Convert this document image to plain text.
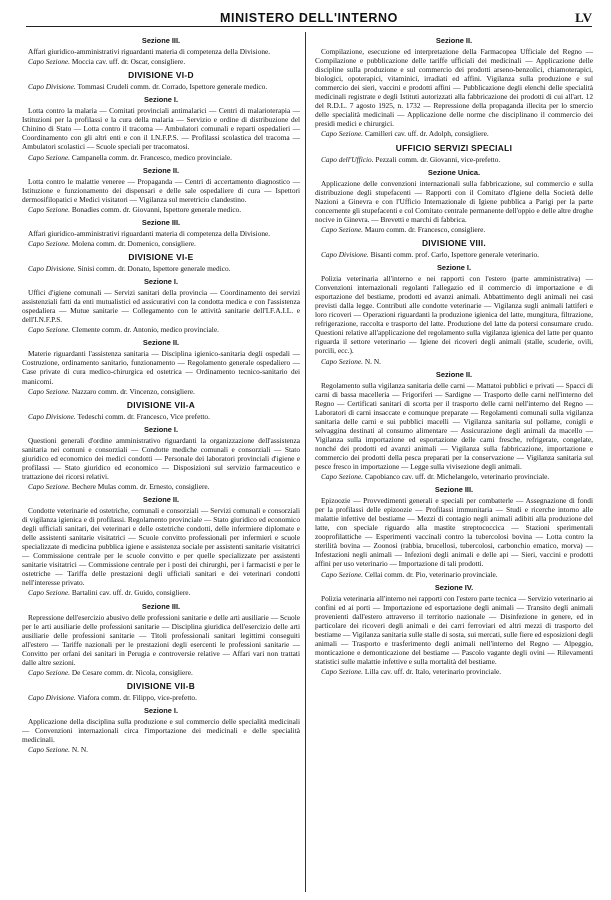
MINISTERO DELL'INTERNO	LV
Sezione III.
Affari giuridico-amministrativi riguardanti materia di competenza della Divisione.
Capo Sezione. Moccia cav. uff. dr. Oscar, consigliere.
DIVISIONE VI-D
Capo Divisione. Tommasi Crudeli comm. dr. Corrado, Ispettore generale medico.
Sezione I.
Lotta contro la malaria — Comitati provinciali antimalarici — Centri di malarioterapia — Istituzioni per la profilassi e la cura della malaria — Servizio e ordine di distribuzione del Chinino di Stato — Lotta contro il tracoma — Ambulatori comunali e reparti ospedalieri — Coordinamento con gli altri enti e con il I.N.F.P.S. — Profilassi scolastica del tracoma — Ambulatori scolastici — Scuole speciali per tracomatosi.
Capo Sezione. Campanella comm. dr. Francesco, medico provinciale.
Sezione II.
Lotta contro le malattie veneree — Propaganda — Centri di accertamento diagnostico — Istituzione e funzionamento dei dispensari e delle sale ospedaliere di cura — Ispettori dermosifilopatici e Medici visitatori — Vigilanza sul meretricio clandestino.
Capo Sezione. Bonadies comm. dr. Giovanni, Ispettore generale medico.
Sezione III.
Affari giuridico-amministrativi riguardanti materia di competenza della Divisione.
Capo Sezione. Molena comm. dr. Domenico, consigliere.
DIVISIONE VI-E
Capo Divisione. Sinisi comm. dr. Donato, Ispettore generale medico.
Sezione I.
Uffici d'igiene comunali — Servizi sanitari della provincia — Coordinamento dei servizi assistenziali fatti da enti mutualistici ed assicurativi con la condotta medica e con l'assistenza ospedaliera — Mutue sanitarie — Collegamento con le attività sanitarie dell'I.F.A.I.L. e dell'I.N.F.P.S.
Capo Sezione. Clemente comm. dr. Antonio, medico provinciale.
Sezione II.
Materie riguardanti l'assistenza sanitaria — Disciplina igienico-sanitaria degli ospedali — Costruzione, ordinamento sanitario, funzionamento — Regolamento generale ospedaliero — Case private di cura medico-chirurgica ed ostetrica — Ordinamento tecnico-sanitario dei manicomi.
Capo Sezione. Nazzaro comm. dr. Vincenzo, consigliere.
DIVISIONE VII-A
Capo Divisione. Tedeschi comm. dr. Francesco, Vice prefetto.
Sezione I.
Questioni generali d'ordine amministrativo riguardanti la organizzazione dell'assistenza sanitaria nei comuni e consorziali — Condotte mediche comunali e consorziali — Stato giuridico ed economico dei medici condotti — Personale dei laboratori provinciali d'igiene e profilassi — Stato giuridico ed economico — Disposizioni sul servizio farmaceutico e trattazione dei ricorsi relativi.
Capo Sezione. Bechere Mulas comm. dr. Ernesto, consigliere.
Sezione II.
Condotte veterinarie ed ostetriche, comunali e consorziali — Servizi comunali e consorziali di vigilanza igienica e di profilassi. Regolamento provinciale — Stato giuridico ed economico degli ufficiali sanitari, dei veterinari e delle ostetriche condotti, delle infermiere diplomate e delle assistenti sanitarie visitatrici — Scuole convitto professionali per infermieri e scuole specializzate di medicina pubblica igiene e assistenza sociale per assistenti sanitarie visitatrici — Commissione centrale per le scuole convitto e per quelle specializzate per assistenti sanitarie visitatrici — Commissione centrale per i posti dei chirurghi, per i farmacisti e per le ostetriche — Tariffa delle prestazioni degli ufficiali sanitari e dei veterinari condotti nell'interesse privato.
Capo Sezione. Bartalini cav. uff. dr. Guido, consigliere.
Sezione III.
Repressione dell'esercizio abusivo delle professioni sanitarie e delle arti ausiliarie — Scuole per le arti ausiliarie delle professioni sanitarie — Disciplina giuridica dell'esercizio delle arti ausiliarie delle professioni sanitarie — Titoli professionali sanitari legittimi conseguiti all'estero — Tariffe nazionali per le prestazioni degli esercenti le professioni sanitarie — Convitto per orfani dei sanitari in Perugia e controversie relative — Affari vari non trattati dalle altre sezioni.
Capo Sezione. De Cesare comm. dr. Nicola, consigliere.
DIVISIONE VII-B
Capo Divisione. Viafora comm. dr. Filippo, vice-prefetto.
Sezione I.
Applicazione della disciplina sulla produzione e sul commercio delle specialità medicinali — Convenzioni internazionali circa l'importazione dei medicinali e delle specialità medicinali.
Capo Sezione. N. N.
Sezione II.
Compilazione, esecuzione ed interpretazione della Farmacopea Ufficiale del Regno — Compilazione e pubblicazione delle tariffe ufficiali dei medicinali — Applicazione delle discipline sulla produzione e sul commercio dei prodotti arseno-benzolici, chiamoterapici, biologici, opoterapici, vitaminici, irradiati ed affini. Vigilanza sulla produzione e sul commercio dei sieri, vaccini e prodotti affini — Pubblicazione degli elenchi delle specialità medicinali registrate e degli Istituti autorizzati alla fabbricazione dei prodotti di cui all'art. 12 del R.D.L. 7 agosto 1925, n. 1732 — Repressione della propaganda illecita per lo smercio delle specialità medicinali — Applicazione delle norme che disciplinano il commercio dei presidi medici e chirurgici.
Capo Sezione. Camilleri cav. uff. dr. Adolph, consigliere.
UFFICIO SERVIZI SPECIALI
Capo dell'Ufficio. Pezzali comm. dr. Giovanni, vice-prefetto.
Sezione Unica.
Applicazione delle convenzioni internazionali sulla fabbricazione, sul commercio e sulla distribuzione degli stupefacenti — Rapporti con il Comitato d'Igiene della Società delle Nazioni a Ginevra e con l'Ufficio Internazionale di Igiene pubblica a Parigi per la parte concernente gli stupefacenti e col Comitato centrale permanente dell'oppio e delle altre droghe nocive in Ginevra. — Brevetti e marchi di fabbrica.
Capo Sezione. Mauro comm. dr. Francesco, consigliere.
DIVISIONE VIII.
Capo Divisione. Bisanti comm. prof. Carlo, Ispettore generale veterinario.
Sezione I.
Polizia veterinaria all'interno e nei rapporti con l'estero (parte amministrativa) — Convenzioni internazionali regolanti l'allegazio ed il commercio di importazione e di esportazione del bestiame, prodotti ed avanzi animali. Abbattimento degli animali nei casi previsti dalla legge. Contributi alle condotte veterinarie — Vigilanza sugli animali lattiferi e loro ricoveri — Operazioni riguardanti la produzione igienica del latte, mungitura, filtrazione, refrigerazione, raccolta e trasporto del latte. Produzione del latte da potersi consumare crudo. Questioni relative all'applicazione del regolamento sulla vigilanza igienica del latte per quanto riguarda il settore veterinario — Igiene dei ricoveri degli animali (stalle, scuderie, ovili, porcili, ecc.).
Capo Sezione. N. N.
Sezione II.
Regolamento sulla vigilanza sanitaria delle carni — Mattatoi pubblici e privati — Spacci di carni di bassa macelleria — Frigoriferi — Sardigne — Trasporto delle carni nell'interno del Regno — Certificati sanitari di scorta per il trasporto delle carni nell'interno del Regno — Laboratori di carni insaccate e comunque preparate — Regolamenti comunali sulla vigilanza sanitaria delle carni e sui pubblici macelli — Vigilanza sanitaria sul pollame, conigli e selvaggina destinati al consumo alimentare — Assicurazione degli animali da macello — Vigilanza sulla importazione ed esportazione delle carni fresche, refrigerate, congelate, nonché dei prodotti ed avanzi animali — Vigilanza sulla fabbricazione, importazione e commercio dei prodotti della pesca preparati per la conservazione — Vigilanza sanitaria sul pesce fresco in importazione — Legge sulla vivisezione degli animali.
Capo Sezione. Capobianco cav. uff. dr. Michelangelo, veterinario provinciale.
Sezione III.
Epizoozie — Provvedimenti generali e speciali per combatterle — Assegnazione di fondi per la profilassi delle epizoozie — Profilassi immunitaria — Studi e ricerche intorno alle malattie infettive del bestiame — Mezzi di contagio negli animali adibiti alla produzione del latte, con speciale riguardo alla mastite streptococcica — Stazioni sperimentali zooprofilattiche — Esperimenti vaccinali contro la tubercolosi bovina — Lotta contro la sterilità bovina — Zoonosi (rabbia, brucellosi, tubercolosi, carbonchio ematico, morva) — Infestazioni negli animali — Infezioni degli animali e delle api — Sieri, vaccini e prodotti affini per uso veterinario — Importazione di tali prodotti.
Capo Sezione. Cellai comm. dr. Pio, veterinario provinciale.
Sezione IV.
Polizia veterinaria all'interno nei rapporti con l'estero parte tecnica — Servizio veterinario ai confini ed ai porti — Importazione ed esportazione degli animali — Transito degli animali provenienti dall'estero attraverso il territorio nazionale — Disinfezione in genere, ed in particolare dei ricoveri degli animali e dei carri ferroviari ed altri mezzi di trasporto del bestiame — Vigilanza sanitaria sulle stalle di sosta, sui mercati, sulle fiere ed esposizioni degli animali — Trasporto e trasferimento degli animali nell'interno del Regno — Alpeggio, monticazione e demonticazione del bestiame — Pascolo vagante degli ovini — Rilevamenti statistici sulle malattie infettive e sulla mortalità del bestiame.
Capo Sezione. Lilla cav. uff. dr. Italo, veterinario provinciale.
